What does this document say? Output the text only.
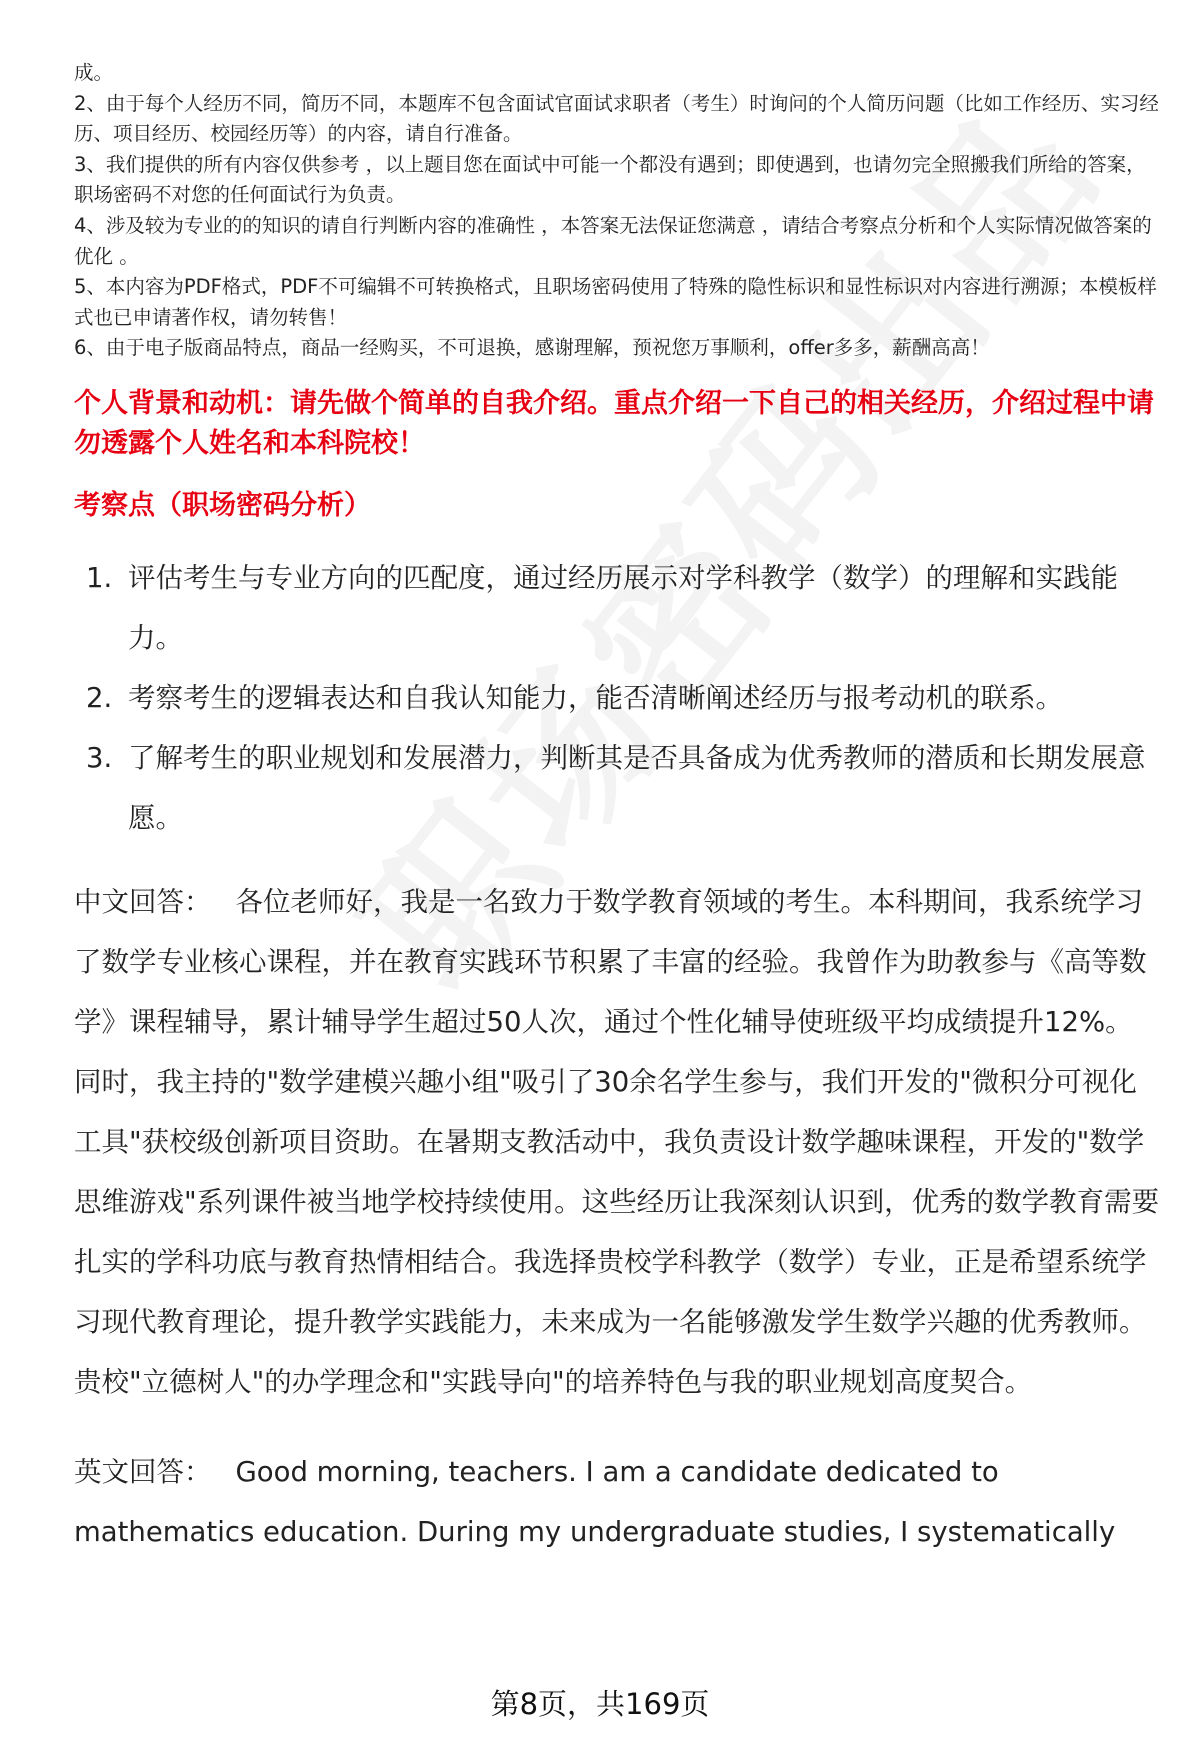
成。

2、由于每个人经历不同，简历不同，本题库不包含面试官面试求职者（考生）时询问的个人简历问题（比如工作经历、实习经历、项目经历、校园经历等）的内容，请自行准备。

3、我们提供的所有内容仅供参考 ，以上题目您在面试中可能一个都没有遇到；即使遇到，也请勿完全照搬我们所给的答案，职场密码不对您的任何面试行为负责。

4、涉及较为专业的的知识的请自行判断内容的准确性 ，本答案无法保证您满意 ，请结合考察点分析和个人实际情况做答案的优化 。

5、本内容为PDF格式，PDF不可编辑不可转换格式，且职场密码使用了特殊的隐性标识和显性标识对内容进行溯源；本模板样式也已申请著作权，请勿转售！

6、由于电子版商品特点，商品一经购买，不可退换，感谢理解，预祝您万事顺利，offer多多，薪酬高高！

个人背景和动机：请先做个简单的自我介绍。重点介绍一下自己的相关经历，介绍过程中请勿透露个人姓名和本科院校！
考察点（职场密码分析）
1. 评估考生与专业方向的匹配度，通过经历展示对学科教学（数学）的理解和实践能力。
2. 考察考生的逻辑表达和自我认知能力，能否清晰阐述经历与报考动机的联系。
3. 了解考生的职业规划和发展潜力，判断其是否具备成为优秀教师的潜质和长期发展意愿。

中文回答： 各位老师好，我是一名致力于数学教育领域的考生。本科期间，我系统学习了数学专业核心课程，并在教育实践环节积累了丰富的经验。我曾作为助教参与《高等数学》课程辅导，累计辅导学生超过50人次，通过个性化辅导使班级平均成绩提升12%。同时，我主持的"数学建模兴趣小组"吸引了30余名学生参与，我们开发的"微积分可视化工具"获校级创新项目资助。在暑期支教活动中，我负责设计数学趣味课程，开发的"数学思维游戏"系列课件被当地学校持续使用。这些经历让我深刻认识到，优秀的数学教育需要扎实的学科功底与教育热情相结合。我选择贵校学科教学（数学）专业，正是希望系统学习现代教育理论，提升教学实践能力，未来成为一名能够激发学生数学兴趣的优秀教师。贵校"立德树人"的办学理念和"实践导向"的培养特色与我的职业规划高度契合。

英文回答： Good morning, teachers. I am a candidate dedicated to mathematics education. During my undergraduate studies, I systematically

第8页，共169页
